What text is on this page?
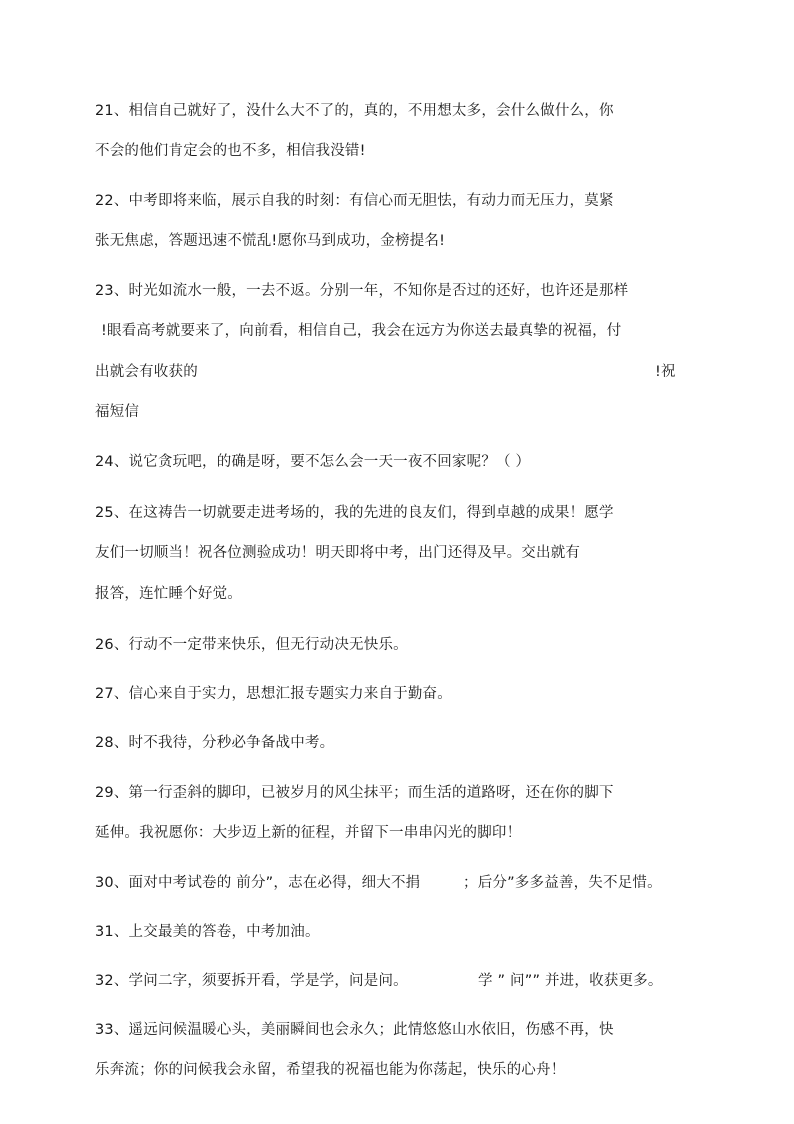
21、相信自己就好了，没什么大不了的，真的，不用想太多，会什么做什么，你
不会的他们肯定会的也不多，相信我没错!
22、中考即将来临，展示自我的时刻：有信心而无胆怯，有动力而无压力，莫紧
张无焦虑，答题迅速不慌乱!愿你马到成功，金榜提名!
23、时光如流水一般，一去不返。分别一年，不知你是否过的还好，也许还是那样
!眼看高考就要来了，向前看，相信自己，我会在远方为你送去最真挚的祝福，付
出就会有收获的	!祝
福短信
24、说它贪玩吧，的确是呀，要不怎么会一天一夜不回家呢？（ ）
25、在这祷告一切就要走进考场的，我的先进的良友们，得到卓越的成果！愿学
友们一切顺当！祝各位测验成功！明天即将中考，出门还得及早。交出就有
报答，连忙睡个好觉。
26、行动不一定带来快乐，但无行动决无快乐。
27、信心来自于实力，思想汇报专题实力来自于勤奋。
28、时不我待，分秒必争备战中考。
29、第一行歪斜的脚印，已被岁月的风尘抹平；而生活的道路呀，还在你的脚下
延伸。我祝愿你：大步迈上新的征程，并留下一串串闪光的脚印！
30、面对中考试卷的 前分”，志在必得，细大不捐	；后分”多多益善，失不足惜。
31、上交最美的答卷，中考加油。
32、学问二字，须要拆开看，学是学，问是问。	学 ” 问”” 并进，收获更多。
33、遥远问候温暖心头，美丽瞬间也会永久；此情悠悠山水依旧，伤感不再，快
乐奔流；你的问候我会永留，希望我的祝福也能为你荡起，快乐的心舟！
